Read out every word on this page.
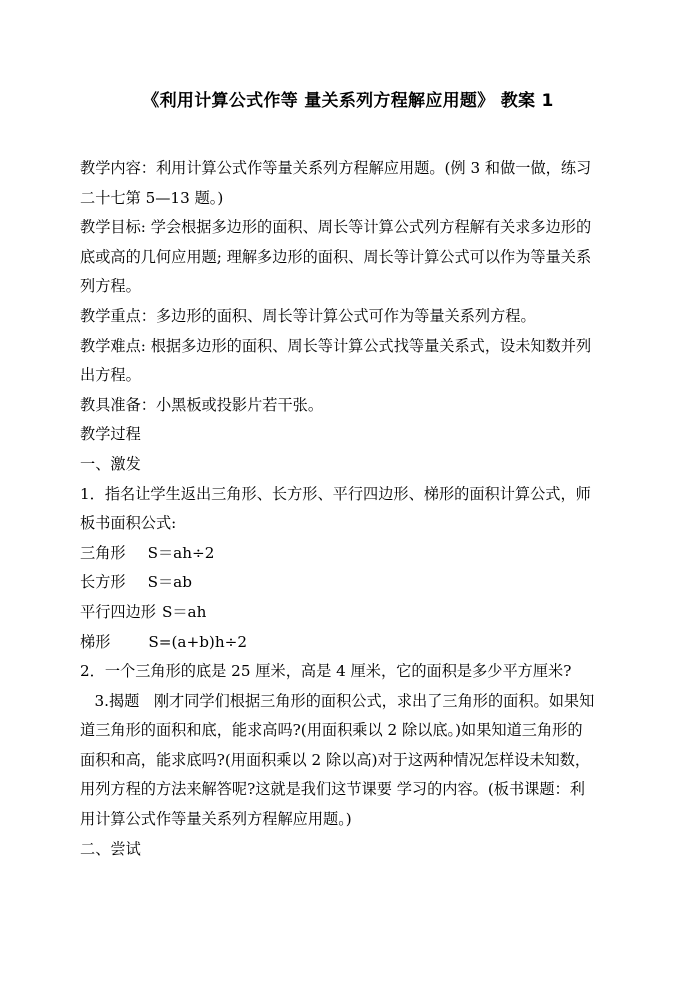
《利用计算公式作等 量关系列方程解应用题》 教案 1
教学内容：利用计算公式作等量关系列方程解应用题。(例 3 和做一做，练习
二十七第 5—13 题。)
教学目标: 学会根据多边形的面积、周长等计算公式列方程解有关求多边形的
底或高的几何应用题; 理解多边形的面积、周长等计算公式可以作为等量关系
列方程。
教学重点：多边形的面积、周长等计算公式可作为等量关系列方程。
教学难点: 根据多边形的面积、周长等计算公式找等量关系式，设未知数并列
出方程。
教具准备：小黑板或投影片若干张。
教学过程
一、激发
1．指名让学生返出三角形、长方形、平行四边形、梯形的面积计算公式，师
板书面积公式:
三角形 S＝ah÷2
长方形 S＝ab
平行四边形 S＝ah
梯形	S=(a+b)h÷2
2．一个三角形的底是 25 厘米，高是 4 厘米，它的面积是多少平方厘米?
3.揭题   刚才同学们根据三角形的面积公式，求出了三角形的面积。如果知
道三角形的面积和底，能求高吗?(用面积乘以 2 除以底。)如果知道三角形的
面积和高，能求底吗?(用面积乘以 2 除以高)对于这两种情况怎样设未知数，
用列方程的方法来解答呢?这就是我们这节课要 学习的内容。(板书课题：利
用计算公式作等量关系列方程解应用题。)
二、尝试
